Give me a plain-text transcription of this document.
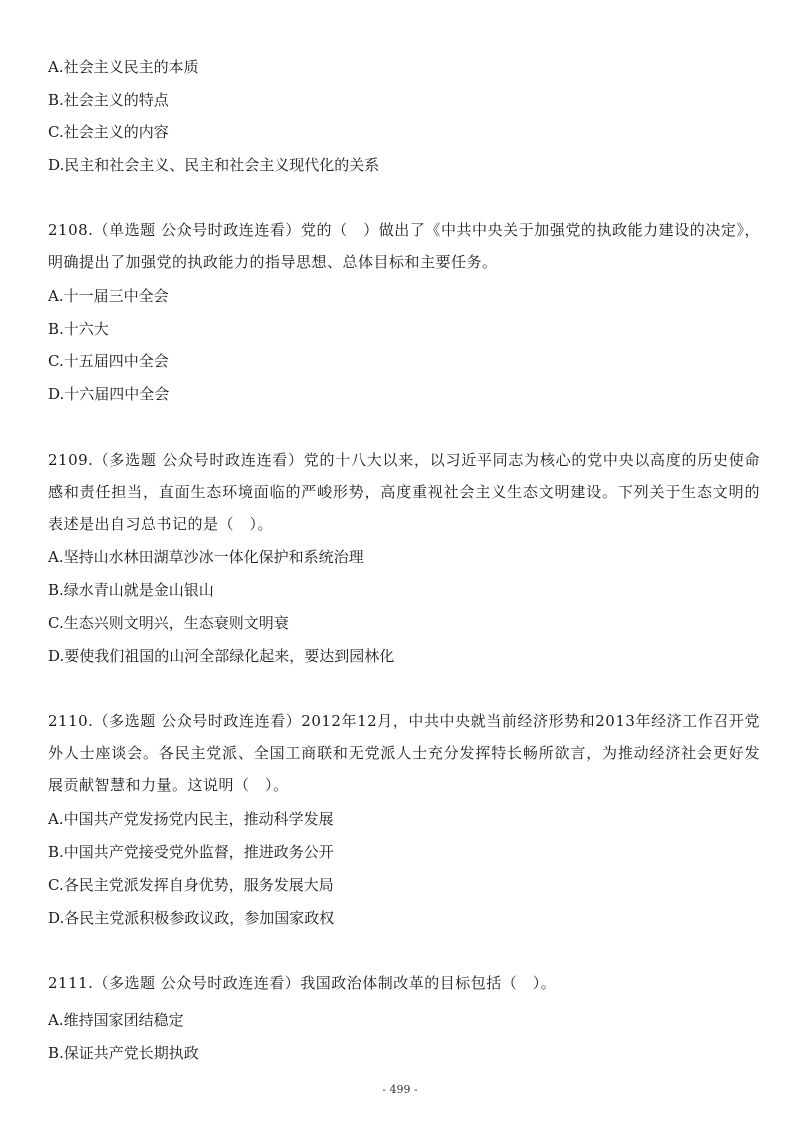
A.社会主义民主的本质
B.社会主义的特点
C.社会主义的内容
D.民主和社会主义、民主和社会主义现代化的关系
2108.（单选题 公众号时政连连看）党的（　）做出了《中共中央关于加强党的执政能力建设的决定》，明确提出了加强党的执政能力的指导思想、总体目标和主要任务。
A.十一届三中全会
B.十六大
C.十五届四中全会
D.十六届四中全会
2109.（多选题 公众号时政连连看）党的十八大以来，以习近平同志为核心的党中央以高度的历史使命感和责任担当，直面生态环境面临的严峻形势，高度重视社会主义生态文明建设。下列关于生态文明的表述是出自习总书记的是（　）。
A.坚持山水林田湖草沙冰一体化保护和系统治理
B.绿水青山就是金山银山
C.生态兴则文明兴，生态衰则文明衰
D.要使我们祖国的山河全部绿化起来，要达到园林化
2110.（多选题 公众号时政连连看）2012年12月，中共中央就当前经济形势和2013年经济工作召开党外人士座谈会。各民主党派、全国工商联和无党派人士充分发挥特长畅所欲言，为推动经济社会更好发展贡献智慧和力量。这说明（　）。
A.中国共产党发扬党内民主，推动科学发展
B.中国共产党接受党外监督，推进政务公开
C.各民主党派发挥自身优势，服务发展大局
D.各民主党派积极参政议政，参加国家政权
2111.（多选题 公众号时政连连看）我国政治体制改革的目标包括（　）。
A.维持国家团结稳定
B.保证共产党长期执政
- 499 -
